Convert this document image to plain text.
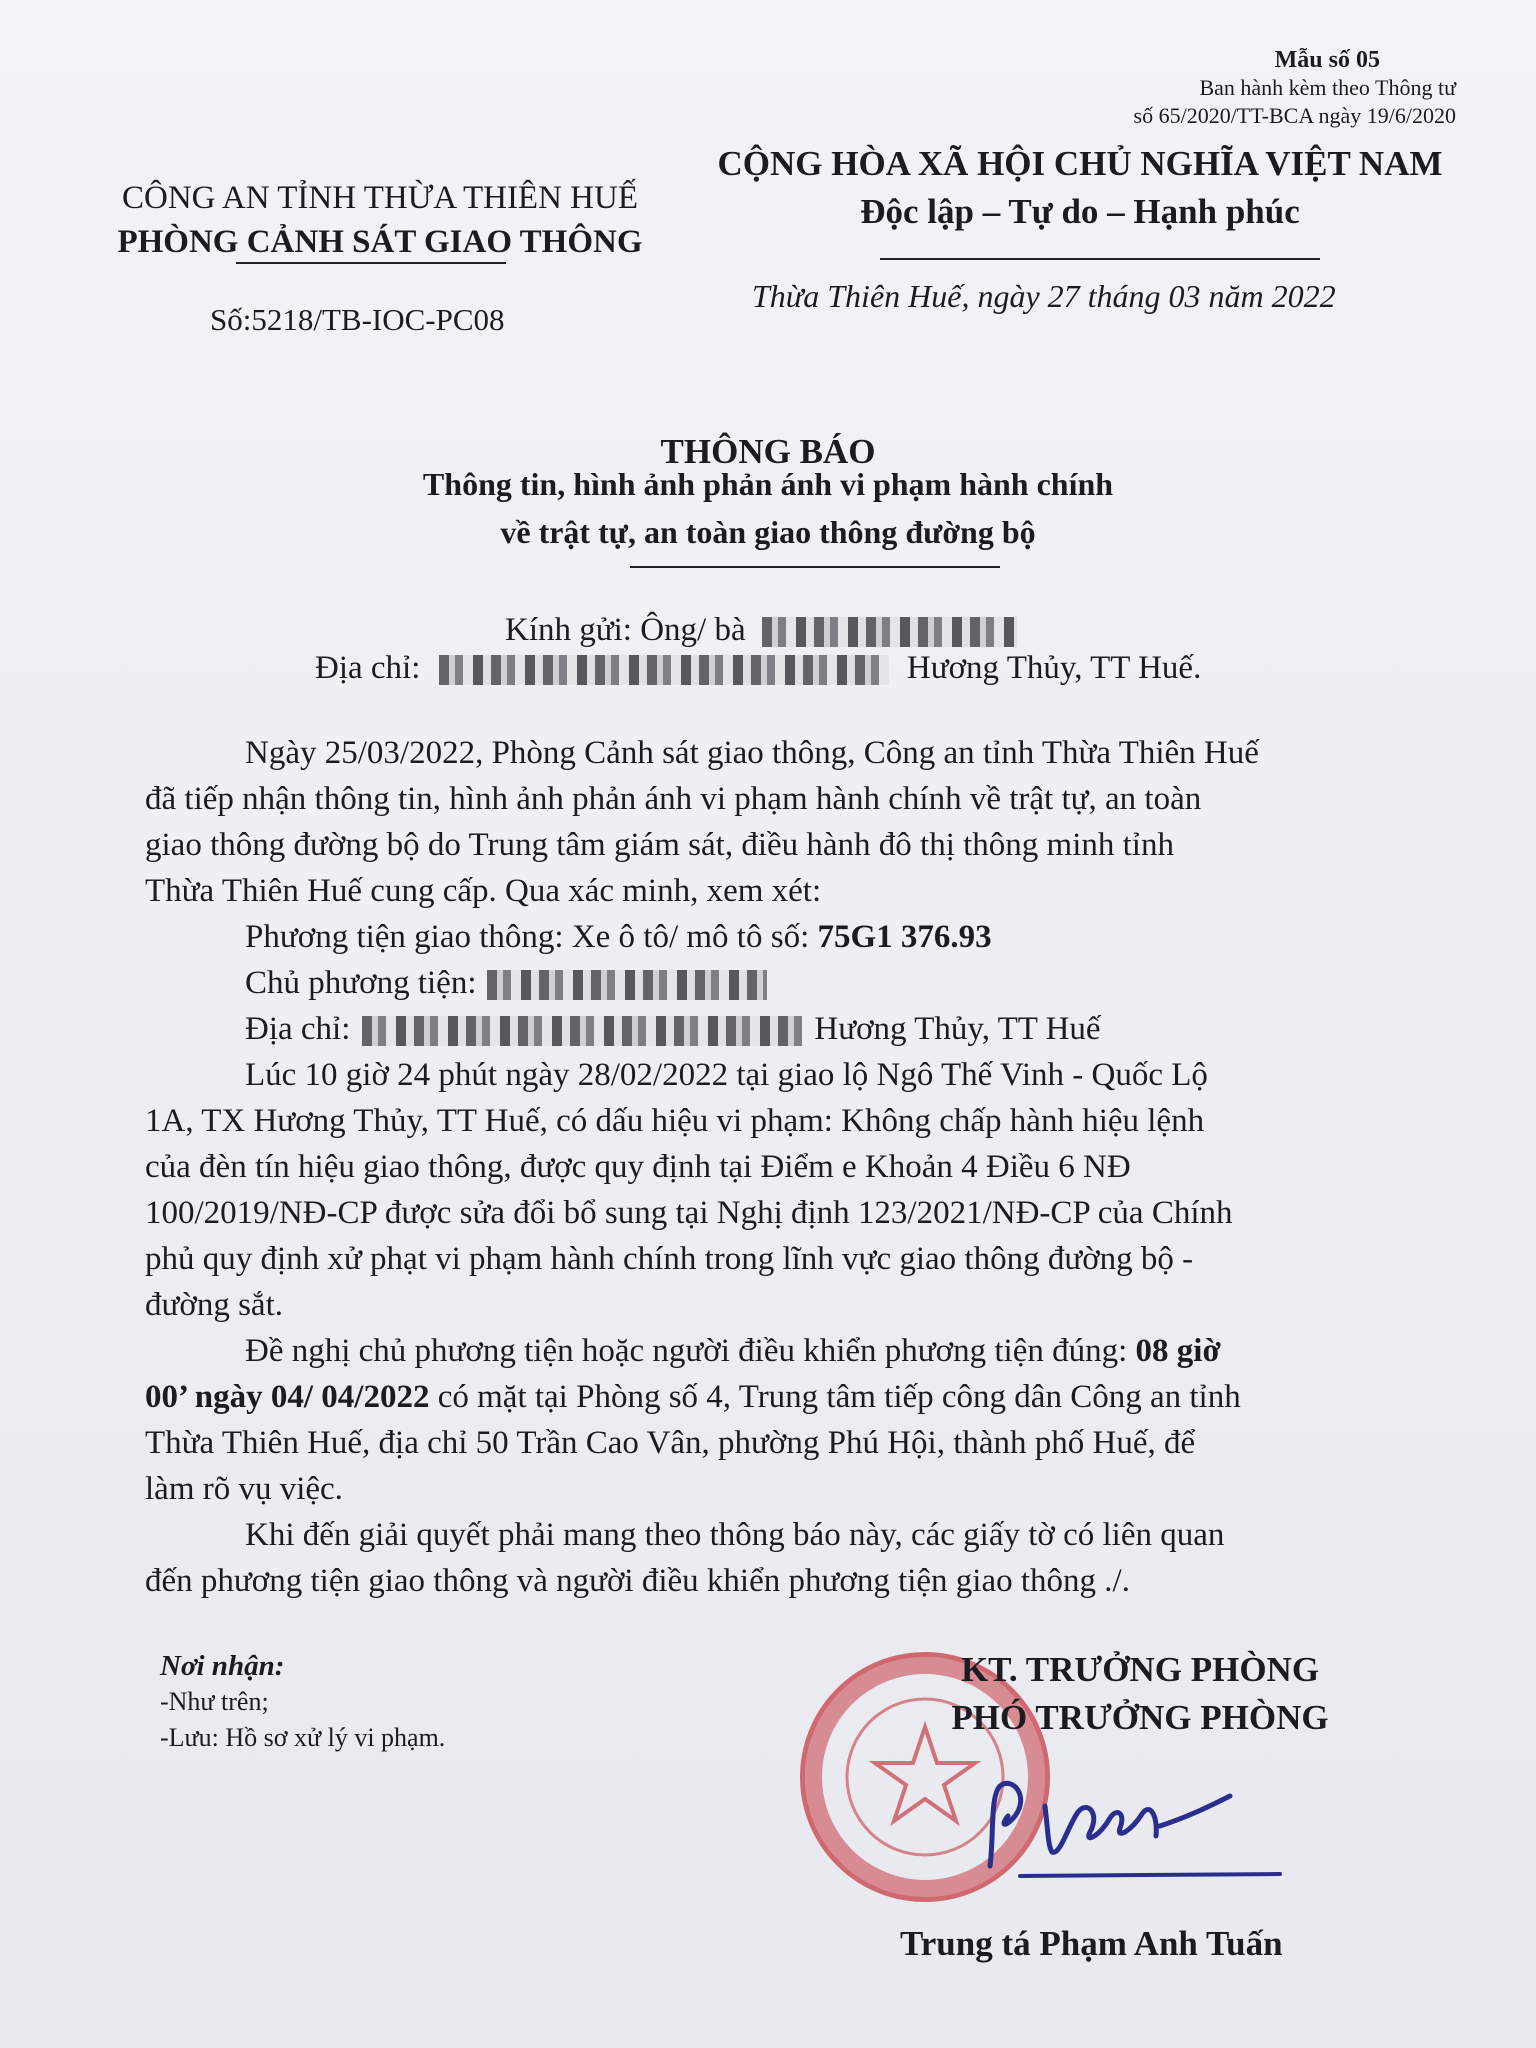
Mẫu số 05
Ban hành kèm theo Thông tư
số 65/2020/TT-BCA ngày 19/6/2020
CÔNG AN TỈNH THỪA THIÊN HUẾ
PHÒNG CẢNH SÁT GIAO THÔNG
Số:5218/TB-IOC-PC08
CỘNG HÒA XÃ HỘI CHỦ NGHĨA VIỆT NAM
Độc lập – Tự do – Hạnh phúc
Thừa Thiên Huế, ngày 27 tháng 03 năm 2022
THÔNG BÁO
Thông tin, hình ảnh phản ánh vi phạm hành chính
về trật tự, an toàn giao thông đường bộ
Kính gửi: Ông/ bà
Địa chỉ:	Hương Thủy, TT Huế.
Ngày 25/03/2022, Phòng Cảnh sát giao thông, Công an tỉnh Thừa Thiên Huế
đã tiếp nhận thông tin, hình ảnh phản ánh vi phạm hành chính về trật tự, an toàn
giao thông đường bộ do Trung tâm giám sát, điều hành đô thị thông minh tỉnh
Thừa Thiên Huế cung cấp. Qua xác minh, xem xét:
Phương tiện giao thông: Xe ô tô/ mô tô số: 75G1 376.93
Chủ phương tiện:
Địa chỉ:	Hương Thủy, TT Huế
Lúc 10 giờ 24 phút ngày 28/02/2022 tại giao lộ Ngô Thế Vinh - Quốc Lộ
1A, TX Hương Thủy, TT Huế, có dấu hiệu vi phạm: Không chấp hành hiệu lệnh
của đèn tín hiệu giao thông, được quy định tại Điểm e Khoản 4 Điều 6 NĐ
100/2019/NĐ-CP được sửa đổi bổ sung tại Nghị định 123/2021/NĐ-CP của Chính
phủ quy định xử phạt vi phạm hành chính trong lĩnh vực giao thông đường bộ -
đường sắt.
Đề nghị chủ phương tiện hoặc người điều khiển phương tiện đúng: 08 giờ
00’ ngày 04/ 04/2022 có mặt tại Phòng số 4, Trung tâm tiếp công dân Công an tỉnh
Thừa Thiên Huế, địa chỉ 50 Trần Cao Vân, phường Phú Hội, thành phố Huế, để
làm rõ vụ việc.
Khi đến giải quyết phải mang theo thông báo này, các giấy tờ có liên quan
đến phương tiện giao thông và người điều khiển phương tiện giao thông ./.
Nơi nhận:
-Như trên;
-Lưu: Hồ sơ xử lý vi phạm.
KT. TRƯỞNG PHÒNG
PHÓ TRƯỞNG PHÒNG
Trung tá Phạm Anh Tuấn
